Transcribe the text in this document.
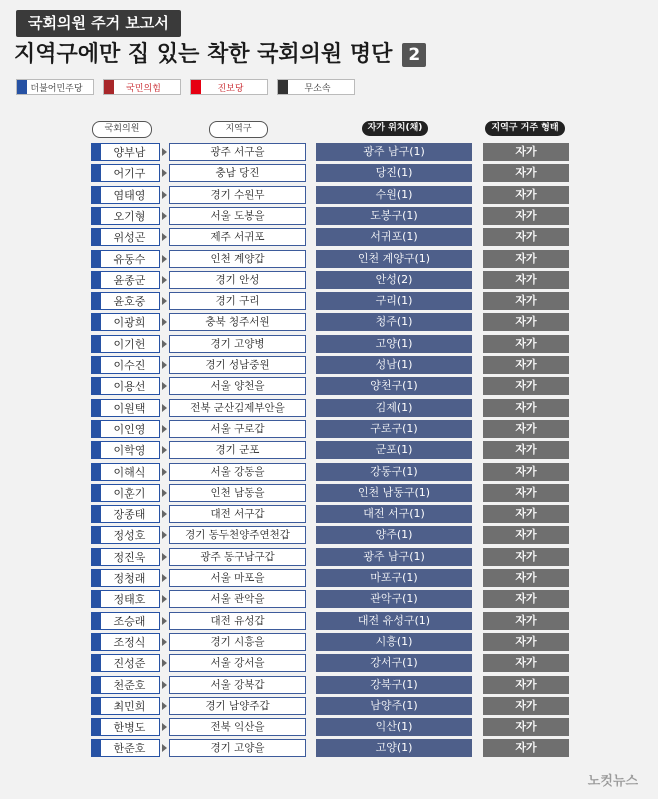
국회의원 주거 보고서
지역구에만 집 있는 착한 국회의원 명단 2
더불어민주당	국민의힘	진보당	무소속
국회의원	지역구	자가 위치(채)	지역구 거주 형태
양부남	광주 서구을	광주 남구(1)	자가
어기구	충남 당진	당진(1)	자가
염태영	경기 수원무	수원(1)	자가
오기형	서울 도봉을	도봉구(1)	자가
위성곤	제주 서귀포	서귀포(1)	자가
유동수	인천 계양갑	인천 계양구(1)	자가
윤종군	경기 안성	안성(2)	자가
윤호중	경기 구리	구리(1)	자가
이광희	충북 청주서원	청주(1)	자가
이기헌	경기 고양병	고양(1)	자가
이수진	경기 성남중원	성남(1)	자가
이용선	서울 양천을	양천구(1)	자가
이원택	전북 군산김제부안을	김제(1)	자가
이인영	서울 구로갑	구로구(1)	자가
이학영	경기 군포	군포(1)	자가
이해식	서울 강동을	강동구(1)	자가
이훈기	인천 남동을	인천 남동구(1)	자가
장종태	대전 서구갑	대전 서구(1)	자가
정성호	경기 동두천양주연천갑	양주(1)	자가
정진욱	광주 동구남구갑	광주 남구(1)	자가
정청래	서울 마포을	마포구(1)	자가
정태호	서울 관악을	관악구(1)	자가
조승래	대전 유성갑	대전 유성구(1)	자가
조정식	경기 시흥을	시흥(1)	자가
진성준	서울 강서을	강서구(1)	자가
천준호	서울 강북갑	강북구(1)	자가
최민희	경기 남양주갑	남양주(1)	자가
한병도	전북 익산을	익산(1)	자가
한준호	경기 고양을	고양(1)	자가
노컷뉴스
